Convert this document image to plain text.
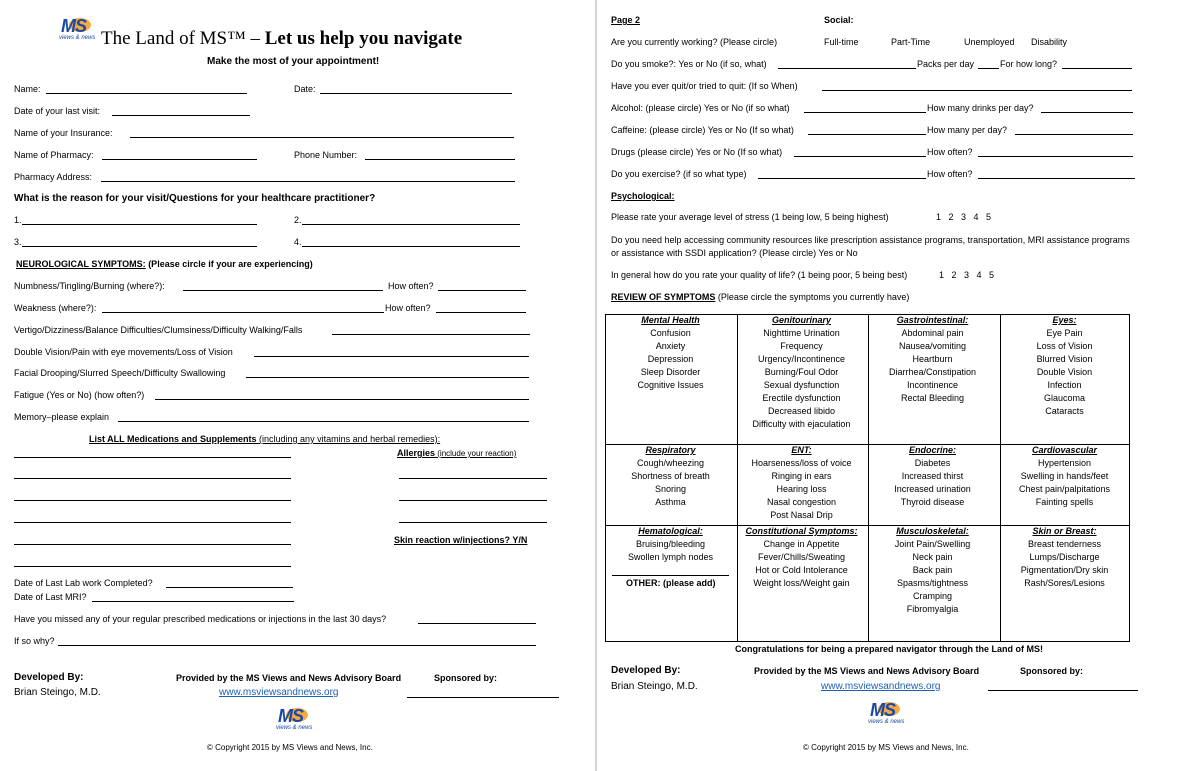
MS
views & news The Land of MS™ – Let us help you navigate
Make the most of your appointment!
Name:	Date:
Date of your last visit:
Name of your Insurance:
Name of Pharmacy:	Phone Number:
Pharmacy Address:
What is the reason for your visit/Questions for your healthcare practitioner?
1.	2.
3.	4.
NEUROLOGICAL SYMPTOMS: (Please circle if your are experiencing)
Numbness/Tingling/Burning (where?):	How often?
Weakness (where?):	How often?
Vertigo/Dizziness/Balance Difficulties/Clumsiness/Difficulty Walking/Falls
Double Vision/Pain with eye movements/Loss of Vision
Facial Drooping/Slurred Speech/Difficulty Swallowing
Fatigue (Yes or No) (how often?)
Memory–please explain
List ALL Medications and Supplements (including any vitamins and herbal remedies):
Allergies (include your reaction)
Skin reaction w/injections? Y/N
Date of Last Lab work Completed?
Date of Last MRI?
Have you missed any of your regular prescribed medications or injections in the last 30 days?
If so why?
Developed By:
Brian Steingo, M.D.
Provided by the MS Views and News Advisory Board
www.msviewsandnews.org
Sponsored by:
MS
views & news
© Copyright 2015 by MS Views and News, Inc.
Page 2	Social:
Are you currently working? (Please circle)	Full-time	Part-Time	Unemployed Disability
Do you smoke?: Yes or No (if so, what)	Packs per day	For how long?
Have you ever quit/or tried to quit: (If so When)
Alcohol: (please circle) Yes or No (if so what)	How many drinks per day?
Caffeine: (please circle) Yes or No (If so what)	How many per day?
Drugs (please circle) Yes or No (If so what)	How often?
Do you exercise? (if so what type)	How often?
Psychological:
Please rate your average level of stress (1 being low, 5 being highest)	1   2   3   4   5
Do you need help accessing community resources like prescription assistance programs, transportation, MRI assistance programs
or assistance with SSDI application? (Please circle) Yes or No
In general how do you rate your quality of life? (1 being poor, 5 being best)	1   2   3   4   5
REVIEW OF SYMPTOMS (Please circle the symptoms you currently have)
OTHER: (please add)
Congratulations for being a prepared navigator through the Land of MS!
Developed By:
Brian Steingo, M.D.
Provided by the MS Views and News Advisory Board
www.msviewsandnews.org
Sponsored by:
MS
views & news
© Copyright 2015 by MS Views and News, Inc.
Mental Health
Confusion
Anxiety
Depression
Sleep Disorder
Cognitive Issues
Genitourinary
Nighttime Urination
Frequency
Urgency/Incontinence
Burning/Foul Odor
Sexual dysfunction
Erectile dysfunction
Decreased libido
Difficulty with ejaculation
Gastrointestinal:
Abdominal pain
Nausea/vomiting
Heartburn
Diarrhea/Constipation
Incontinence
Rectal Bleeding
Eyes:
Eye Pain
Loss of Vision
Blurred Vision
Double Vision
Infection
Glaucoma
Cataracts
Respiratory
Cough/wheezing
Shortness of breath
Snoring
Asthma
ENT:
Hoarseness/loss of voice
Ringing in ears
Hearing loss
Nasal congestion
Post Nasal Drip
Endocrine:
Diabetes
Increased thirst
Increased urination
Thyroid disease
Cardiovascular
Hypertension
Swelling in hands/feet
Chest pain/palpitations
Fainting spells
Hematological:
Bruising/bleeding
Swollen lymph nodes
Constitutional Symptoms:
Change in Appetite
Fever/Chills/Sweating
Hot or Cold Intolerance
Weight loss/Weight gain
Musculoskeletal:
Joint Pain/Swelling
Neck pain
Back pain
Spasms/tightness
Cramping
Fibromyalgia
Skin or Breast:
Breast tenderness
Lumps/Discharge
Pigmentation/Dry skin
Rash/Sores/Lesions
